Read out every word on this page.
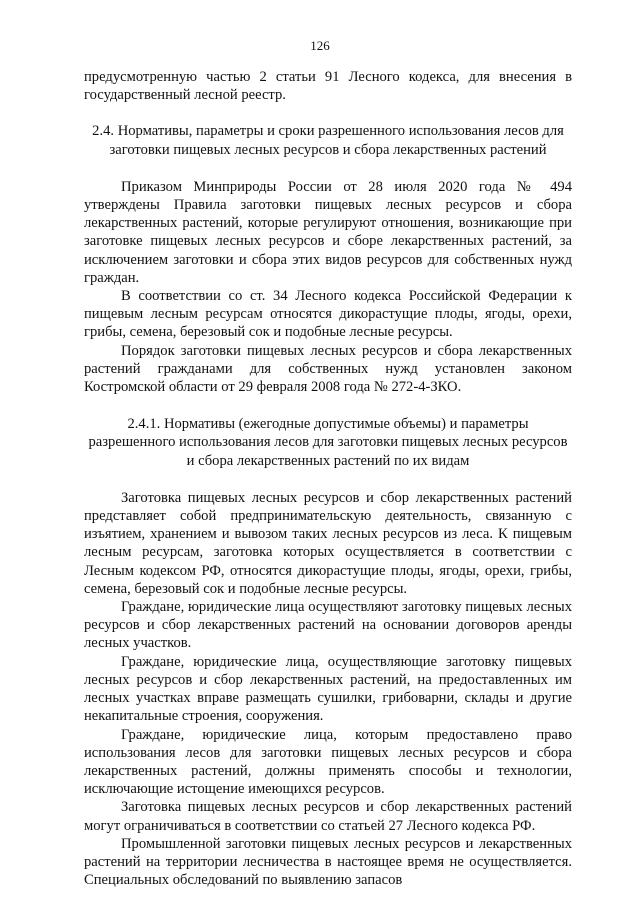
126

предусмотренную частью 2 статьи 91 Лесного кодекса, для внесения в государственный лесной реестр.

2.4. Нормативы, параметры и сроки разрешенного использования лесов для заготовки пищевых лесных ресурсов и сбора лекарственных растений

Приказом Минприроды России от 28 июля 2020 года № 494 утверждены Правила заготовки пищевых лесных ресурсов и сбора лекарственных растений, которые регулируют отношения, возникающие при заготовке пищевых лесных ресурсов и сборе лекарственных растений, за исключением заготовки и сбора этих видов ресурсов для собственных нужд граждан.

В соответствии со ст. 34 Лесного кодекса Российской Федерации к пищевым лесным ресурсам относятся дикорастущие плоды, ягоды, орехи, грибы, семена, березовый сок и подобные лесные ресурсы.

Порядок заготовки пищевых лесных ресурсов и сбора лекарственных растений гражданами для собственных нужд установлен законом Костромской области от 29 февраля 2008 года № 272-4-ЗКО.

2.4.1. Нормативы (ежегодные допустимые объемы) и параметры разрешенного использования лесов для заготовки пищевых лесных ресурсов и сбора лекарственных растений по их видам

Заготовка пищевых лесных ресурсов и сбор лекарственных растений представляет собой предпринимательскую деятельность, связанную с изъятием, хранением и вывозом таких лесных ресурсов из леса. К пищевым лесным ресурсам, заготовка которых осуществляется в соответствии с Лесным кодексом РФ, относятся дикорастущие плоды, ягоды, орехи, грибы, семена, березовый сок и подобные лесные ресурсы.

Граждане, юридические лица осуществляют заготовку пищевых лесных ресурсов и сбор лекарственных растений на основании договоров аренды лесных участков.

Граждане, юридические лица, осуществляющие заготовку пищевых лесных ресурсов и сбор лекарственных растений, на предоставленных им лесных участках вправе размещать сушилки, грибоварни, склады и другие некапитальные строения, сооружения.

Граждане, юридические лица, которым предоставлено право использования лесов для заготовки пищевых лесных ресурсов и сбора лекарственных растений, должны применять способы и технологии, исключающие истощение имеющихся ресурсов.

Заготовка пищевых лесных ресурсов и сбор лекарственных растений могут ограничиваться в соответствии со статьей 27 Лесного кодекса РФ.

Промышленной заготовки пищевых лесных ресурсов и лекарственных растений на территории лесничества в настоящее время не осуществляется. Специальных обследований по выявлению запасов
